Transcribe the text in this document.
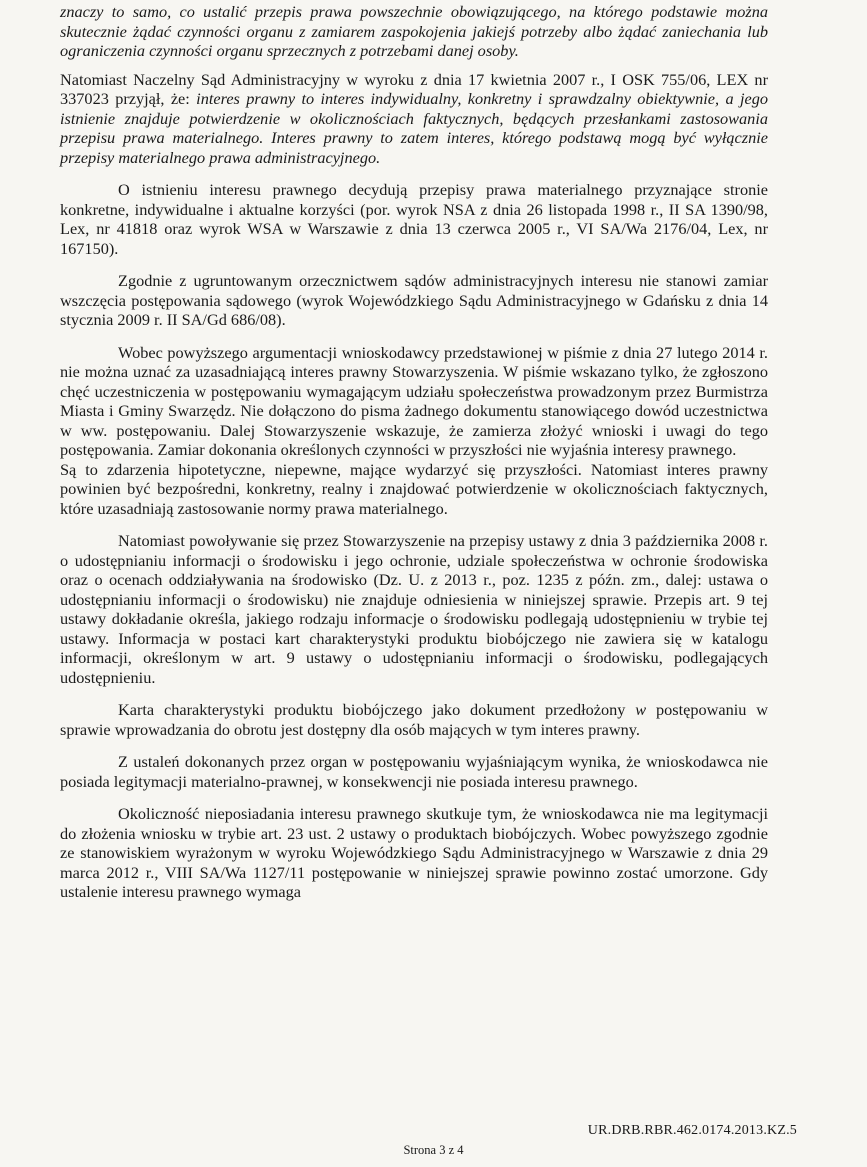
znaczy to samo, co ustalić przepis prawa powszechnie obowiązującego, na którego podstawie można skutecznie żądać czynności organu z zamiarem zaspokojenia jakiejś potrzeby albo żądać zaniechania lub ograniczenia czynności organu sprzecznych z potrzebami danej osoby.

Natomiast Naczelny Sąd Administracyjny w wyroku z dnia 17 kwietnia 2007 r., I OSK 755/06, LEX nr 337023 przyjął, że: interes prawny to interes indywidualny, konkretny i sprawdzalny obiektywnie, a jego istnienie znajduje potwierdzenie w okolicznościach faktycznych, będących przesłankami zastosowania przepisu prawa materialnego. Interes prawny to zatem interes, którego podstawą mogą być wyłącznie przepisy materialnego prawa administracyjnego.

O istnieniu interesu prawnego decydują przepisy prawa materialnego przyznające stronie konkretne, indywidualne i aktualne korzyści (por. wyrok NSA z dnia 26 listopada 1998 r., II SA 1390/98, Lex, nr 41818 oraz wyrok WSA w Warszawie z dnia 13 czerwca 2005 r., VI SA/Wa 2176/04, Lex, nr 167150).

Zgodnie z ugruntowanym orzecznictwem sądów administracyjnych interesu nie stanowi zamiar wszczęcia postępowania sądowego (wyrok Wojewódzkiego Sądu Administracyjnego w Gdańsku z dnia 14 stycznia 2009 r. II SA/Gd 686/08).

Wobec powyższego argumentacji wnioskodawcy przedstawionej w piśmie z dnia 27 lutego 2014 r. nie można uznać za uzasadniającą interes prawny Stowarzyszenia. W piśmie wskazano tylko, że zgłoszono chęć uczestniczenia w postępowaniu wymagającym udziału społeczeństwa prowadzonym przez Burmistrza Miasta i Gminy Swarzędz. Nie dołączono do pisma żadnego dokumentu stanowiącego dowód uczestnictwa w ww. postępowaniu. Dalej Stowarzyszenie wskazuje, że zamierza złożyć wnioski i uwagi do tego postępowania. Zamiar dokonania określonych czynności w przyszłości nie wyjaśnia interesy prawnego.

Są to zdarzenia hipotetyczne, niepewne, mające wydarzyć się przyszłości. Natomiast interes prawny powinien być bezpośredni, konkretny, realny i znajdować potwierdzenie w okolicznościach faktycznych, które uzasadniają zastosowanie normy prawa materialnego.

Natomiast powoływanie się przez Stowarzyszenie na przepisy ustawy z dnia 3 października 2008 r. o udostępnianiu informacji o środowisku i jego ochronie, udziale społeczeństwa w ochronie środowiska oraz o ocenach oddziaływania na środowisko (Dz. U. z 2013 r., poz. 1235 z późn. zm., dalej: ustawa o udostępnianiu informacji o środowisku) nie znajduje odniesienia w niniejszej sprawie. Przepis art. 9 tej ustawy dokładanie określa, jakiego rodzaju informacje o środowisku podlegają udostępnieniu w trybie tej ustawy. Informacja w postaci kart charakterystyki produktu biobójczego nie zawiera się w katalogu informacji, określonym w art. 9 ustawy o udostępnianiu informacji o środowisku, podlegających udostępnieniu.

Karta charakterystyki produktu biobójczego jako dokument przedłożony w postępowaniu w sprawie wprowadzania do obrotu jest dostępny dla osób mających w tym interes prawny.

Z ustaleń dokonanych przez organ w postępowaniu wyjaśniającym wynika, że wnioskodawca nie posiada legitymacji materialno-prawnej, w konsekwencji nie posiada interesu prawnego.

Okoliczność nieposiadania interesu prawnego skutkuje tym, że wnioskodawca nie ma legitymacji do złożenia wniosku w trybie art. 23 ust. 2 ustawy o produktach biobójczych. Wobec powyższego zgodnie ze stanowiskiem wyrażonym w wyroku Wojewódzkiego Sądu Administracyjnego w Warszawie z dnia 29 marca 2012 r., VIII SA/Wa 1127/11 postępowanie w niniejszej sprawie powinno zostać umorzone. Gdy ustalenie interesu prawnego wymaga

UR.DRB.RBR.462.0174.2013.KZ.5
Strona 3 z 4
